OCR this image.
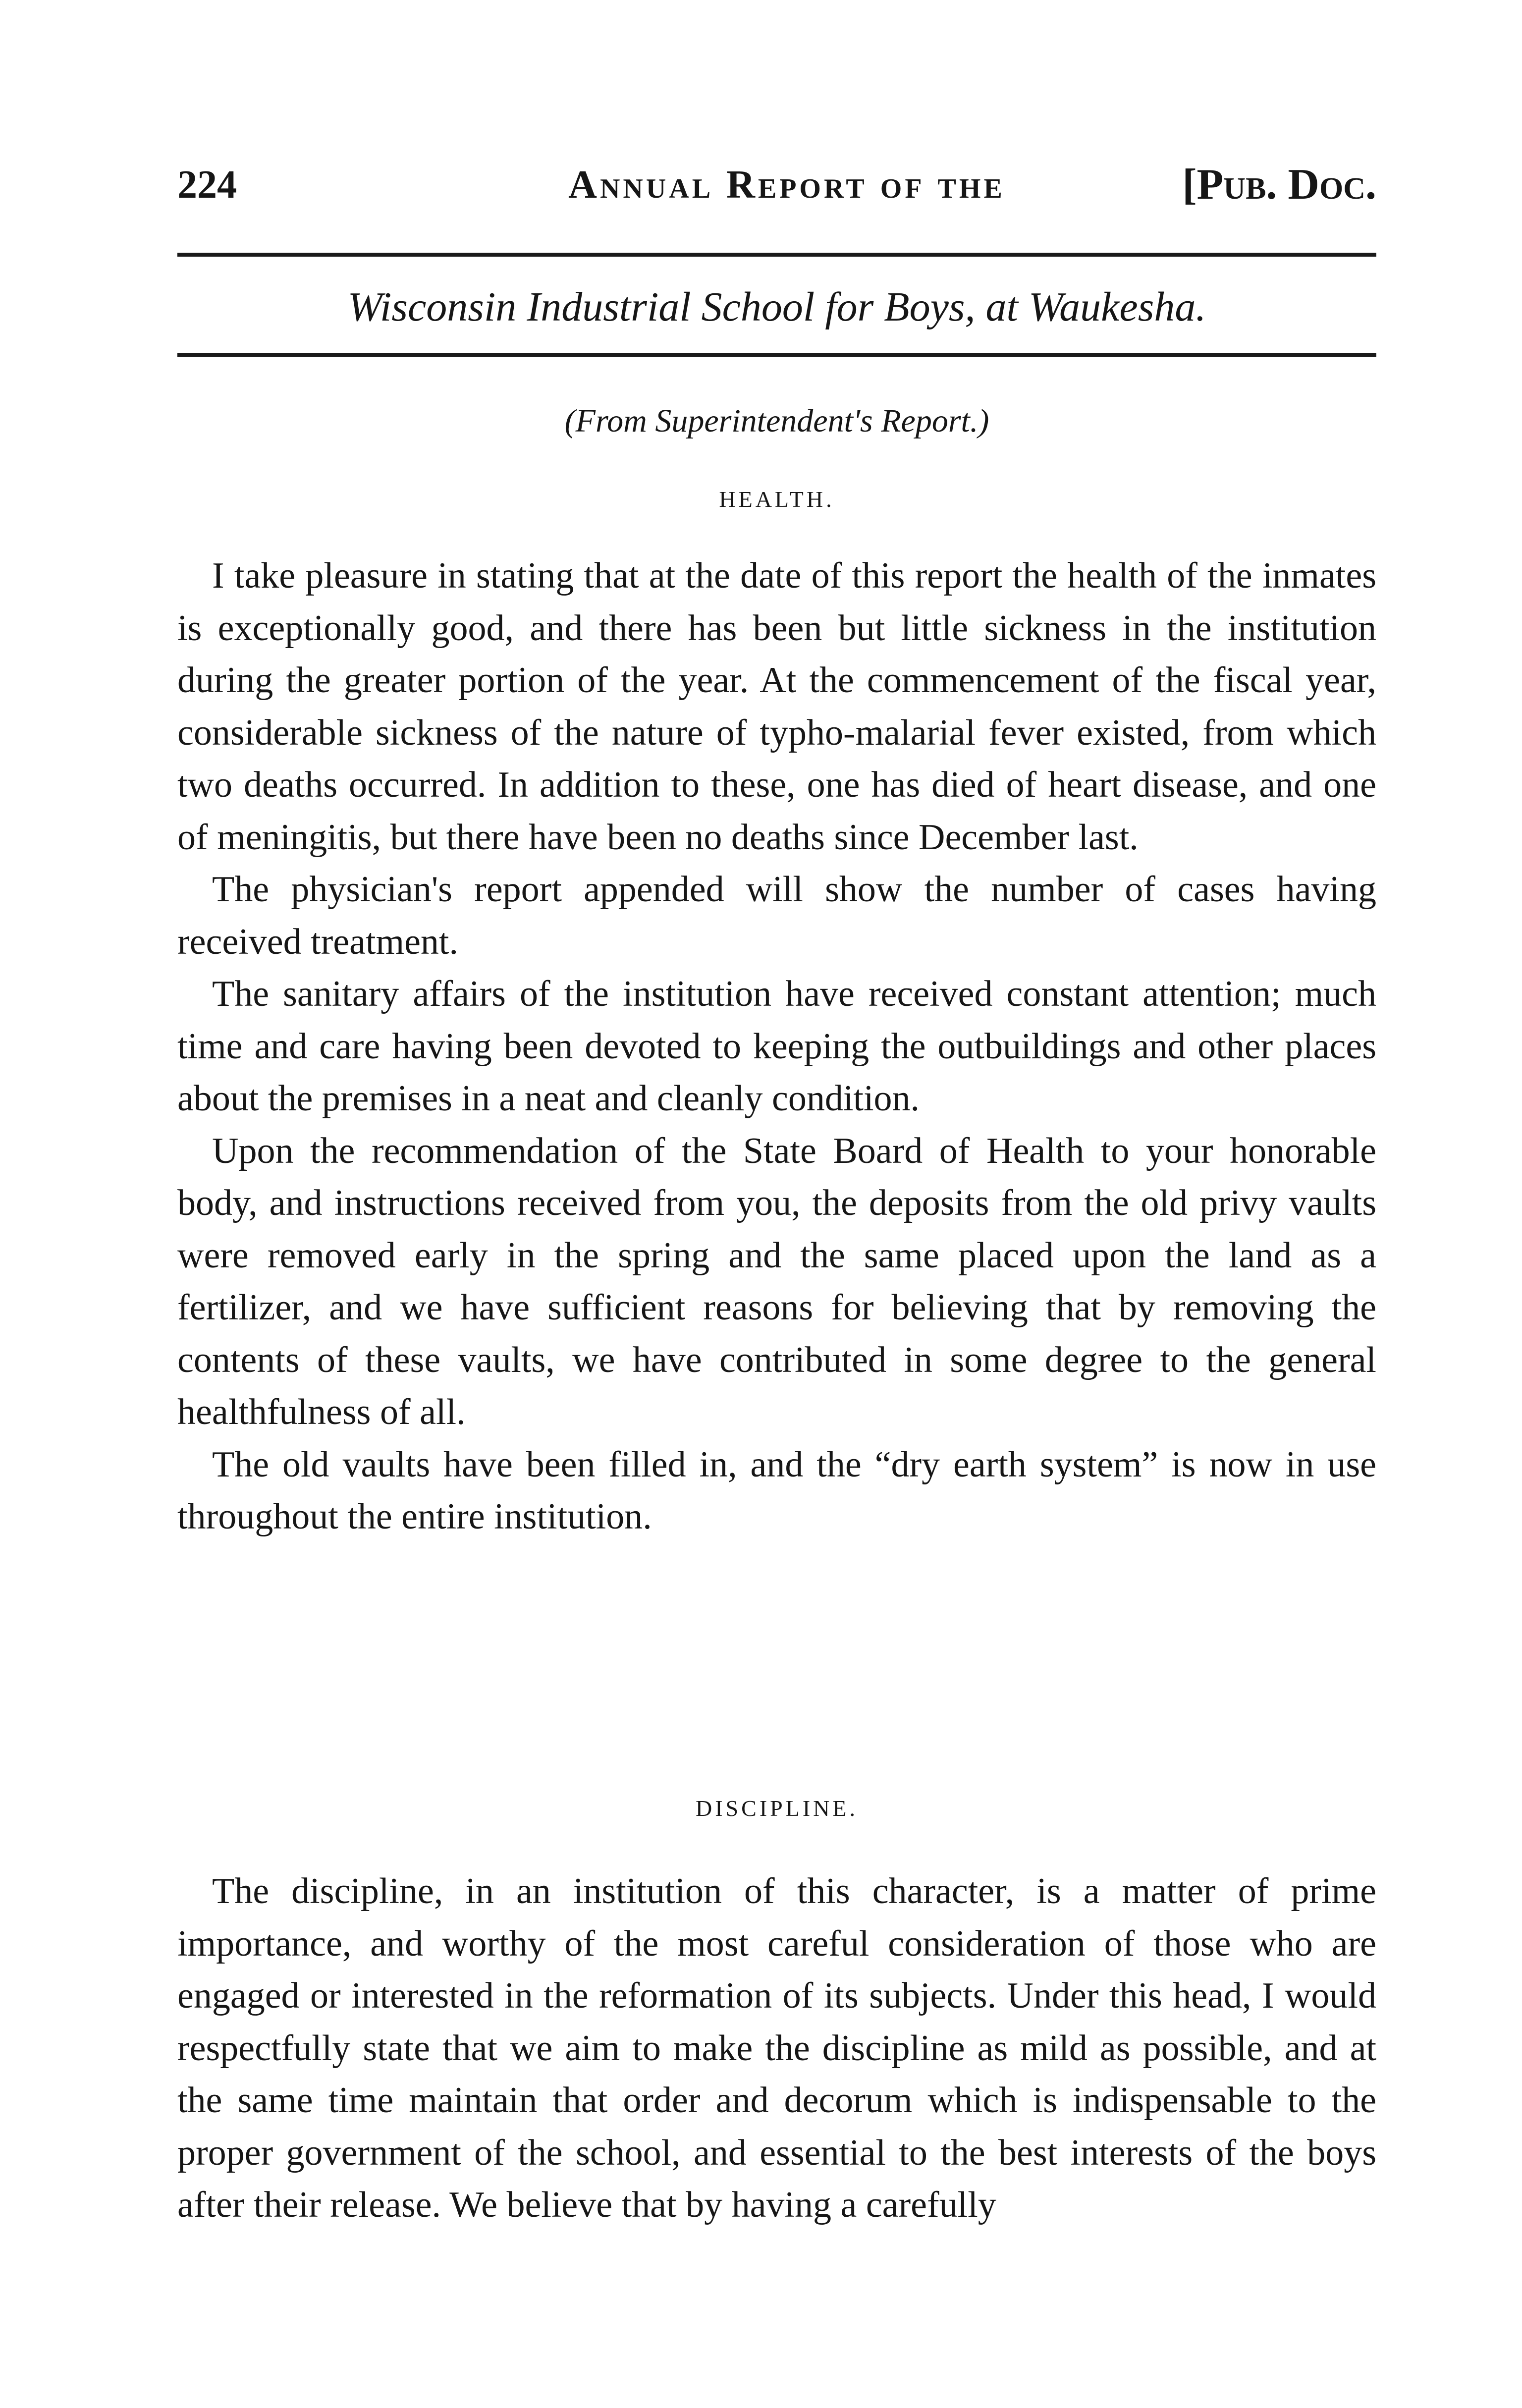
224	Annual Report of the	[Pub. Doc.
Wisconsin Industrial School for Boys, at Waukesha.
(From Superintendent's Report.)
HEALTH.

I take pleasure in stating that at the date of this report the health of the inmates is exceptionally good, and there has been but little sickness in the institution during the greater portion of the year. At the commencement of the fiscal year, considerable sickness of the nature of typho-malarial fever existed, from which two deaths occurred. In addition to these, one has died of heart disease, and one of meningitis, but there have been no deaths since December last.

The physician's report appended will show the number of cases having received treatment.

The sanitary affairs of the institution have received constant attention; much time and care having been devoted to keeping the outbuildings and other places about the premises in a neat and cleanly condition.

Upon the recommendation of the State Board of Health to your honorable body, and instructions received from you, the deposits from the old privy vaults were removed early in the spring and the same placed upon the land as a fertilizer, and we have sufficient reasons for believing that by removing the contents of these vaults, we have contributed in some degree to the general healthfulness of all.

The old vaults have been filled in, and the “dry earth system” is now in use throughout the entire institution.

DISCIPLINE.

The discipline, in an institution of this character, is a matter of prime importance, and worthy of the most careful consideration of those who are engaged or interested in the reformation of its subjects. Under this head, I would respectfully state that we aim to make the discipline as mild as possible, and at the same time maintain that order and decorum which is indispensable to the proper government of the school, and essential to the best interests of the boys after their release. We believe that by having a carefully
